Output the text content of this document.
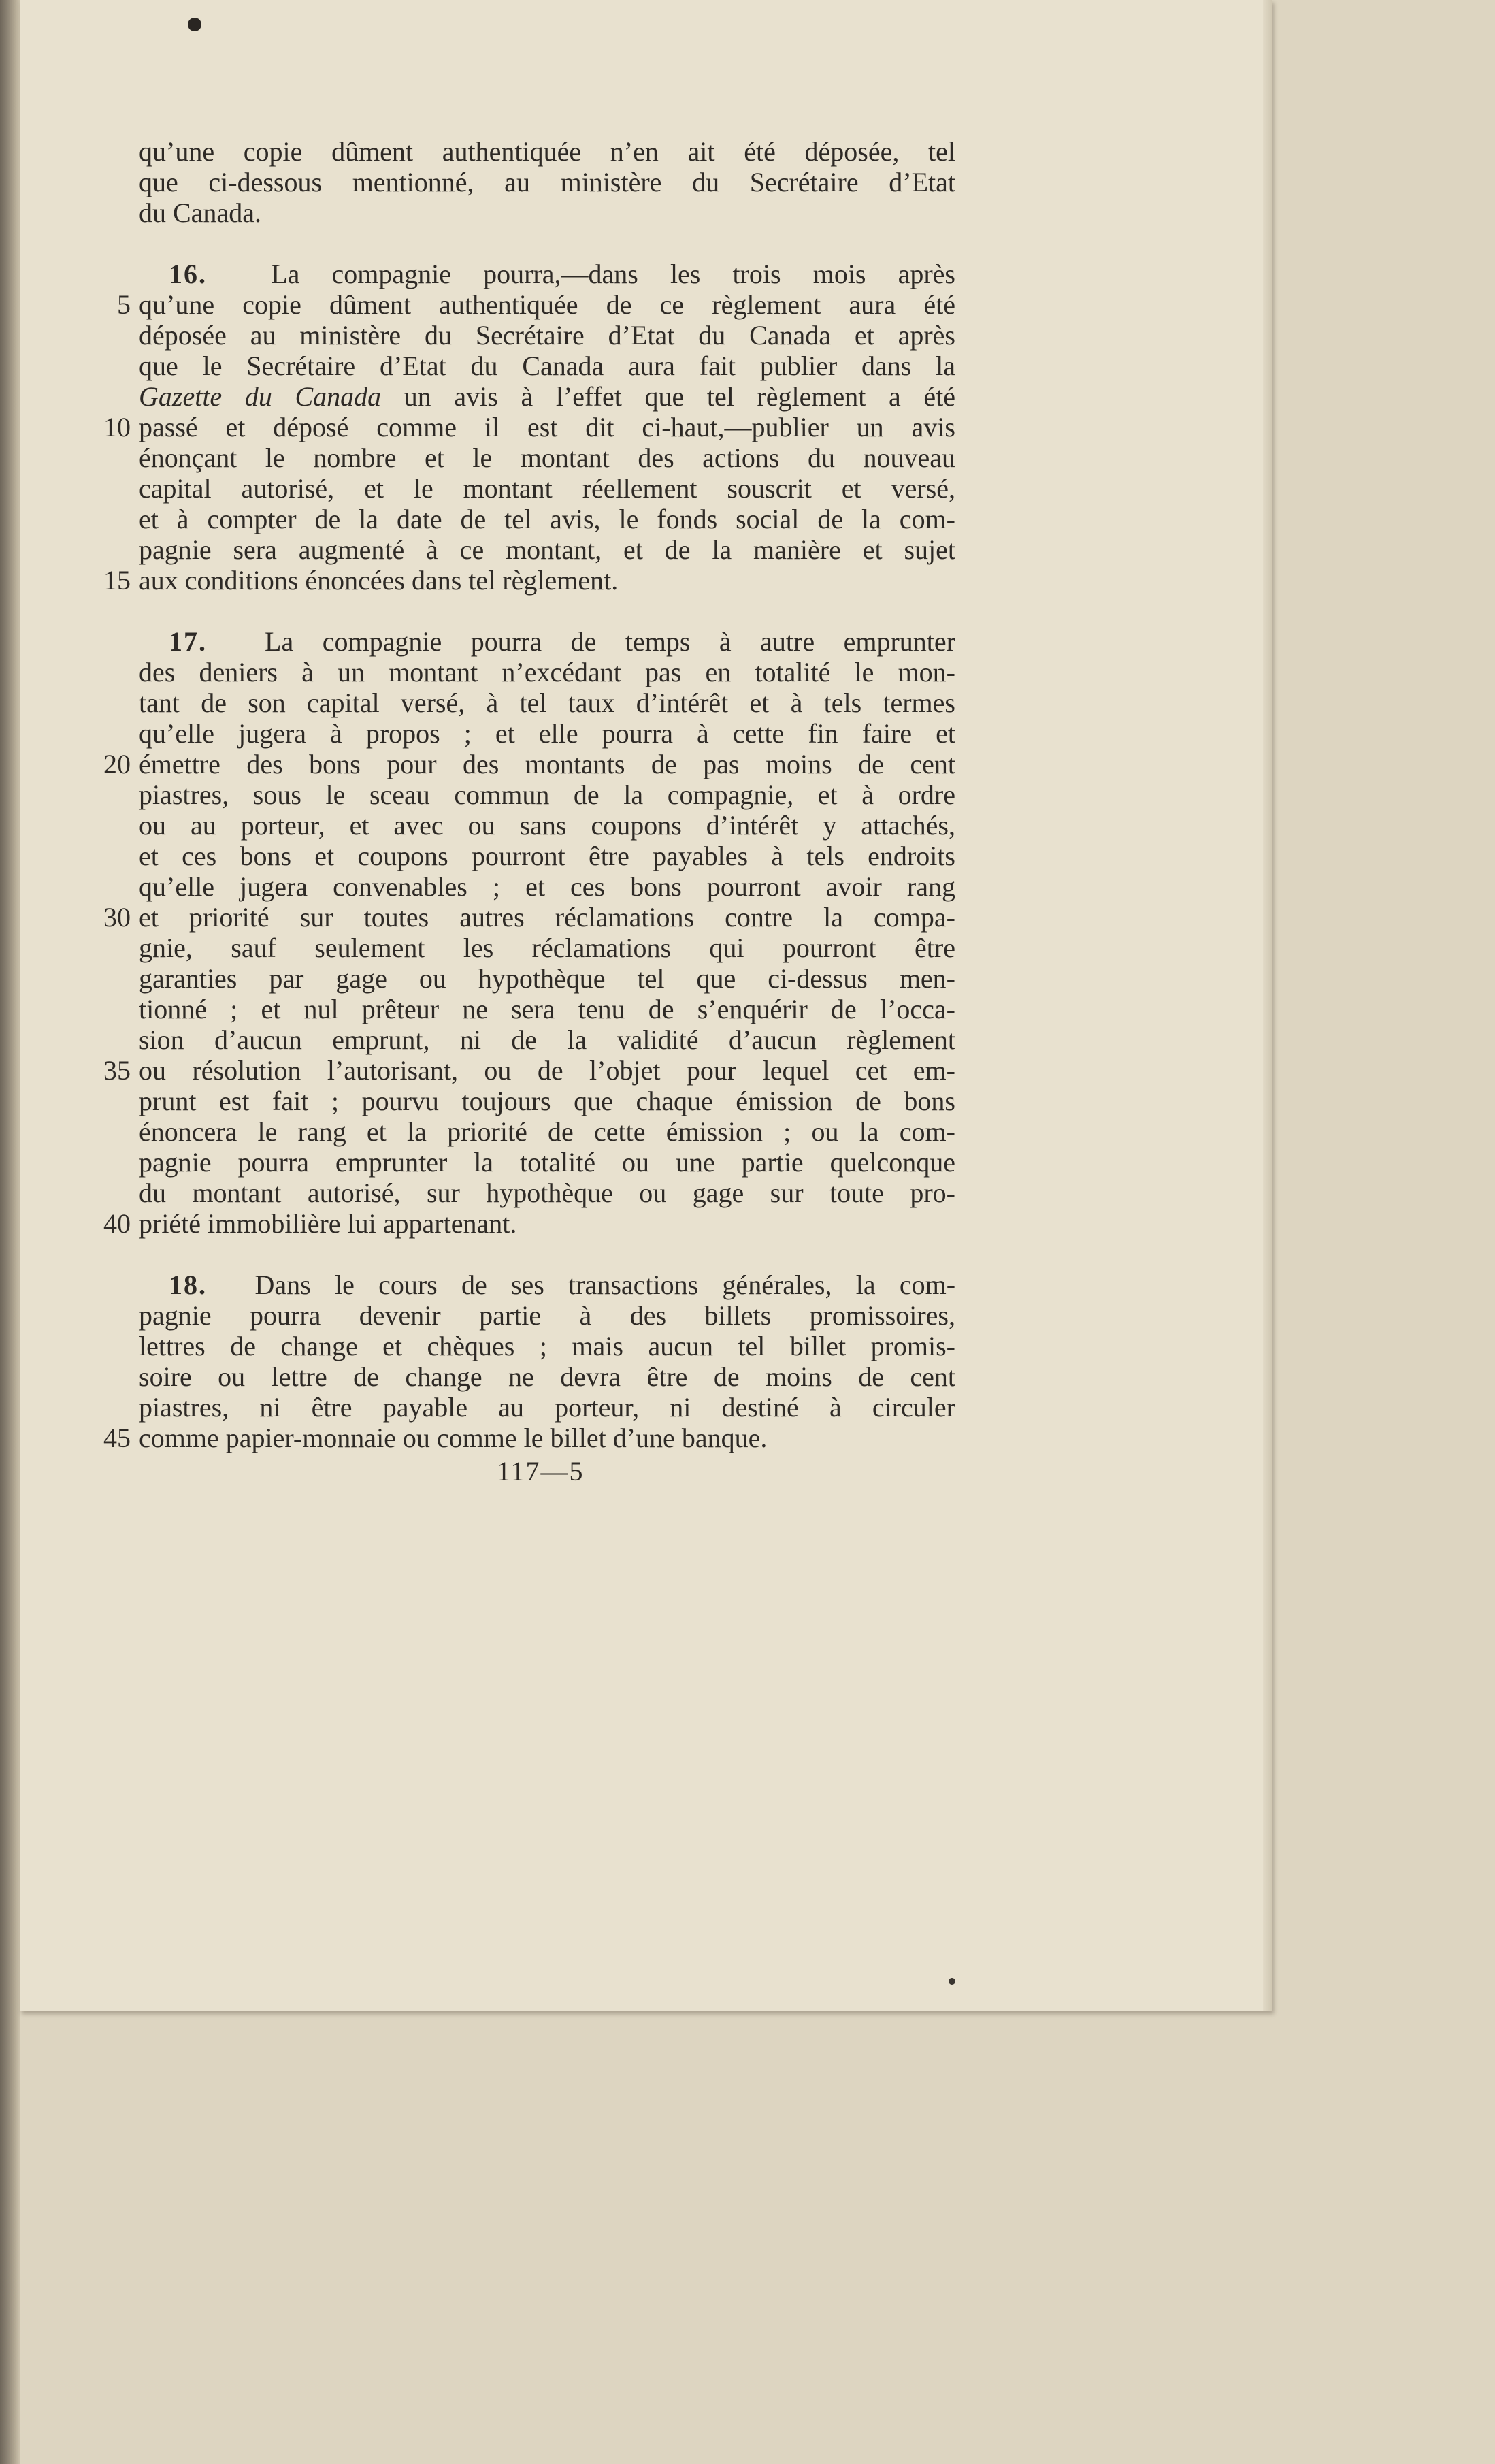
qu’une copie dûment authentiquée n’en ait été déposée, tel
que ci-dessous mentionné, au ministère du Secrétaire d’Etat
du Canada.
16. La compagnie pourra,—dans les trois mois après
5 qu’une copie dûment authentiquée de ce règlement aura été
déposée au ministère du Secrétaire d’Etat du Canada et après
que le Secrétaire d’Etat du Canada aura fait publier dans la
Gazette du Canada un avis à l’effet que tel règlement a été
10 passé et déposé comme il est dit ci-haut,—publier un avis
énonçant le nombre et le montant des actions du nouveau
capital autorisé, et le montant réellement souscrit et versé,
et à compter de la date de tel avis, le fonds social de la com-
pagnie sera augmenté à ce montant, et de la manière et sujet
15 aux conditions énoncées dans tel règlement.
17. La compagnie pourra de temps à autre emprunter
des deniers à un montant n’excédant pas en totalité le mon-
tant de son capital versé, à tel taux d’intérêt et à tels termes
qu’elle jugera à propos ; et elle pourra à cette fin faire et
20 émettre des bons pour des montants de pas moins de cent
piastres, sous le sceau commun de la compagnie, et à ordre
ou au porteur, et avec ou sans coupons d’intérêt y attachés,
et ces bons et coupons pourront être payables à tels endroits
qu’elle jugera convenables ; et ces bons pourront avoir rang
30 et priorité sur toutes autres réclamations contre la compa-
gnie, sauf seulement les réclamations qui pourront être
garanties par gage ou hypothèque tel que ci-dessus men-
tionné ; et nul prêteur ne sera tenu de s’enquérir de l’occa-
sion d’aucun emprunt, ni de la validité d’aucun règlement
35 ou résolution l’autorisant, ou de l’objet pour lequel cet em-
prunt est fait ; pourvu toujours que chaque émission de bons
énoncera le rang et la priorité de cette émission ; ou la com-
pagnie pourra emprunter la totalité ou une partie quelconque
du montant autorisé, sur hypothèque ou gage sur toute pro-
40 priété immobilière lui appartenant.
18. Dans le cours de ses transactions générales, la com-
pagnie pourra devenir partie à des billets promissoires,
lettres de change et chèques ; mais aucun tel billet promis-
soire ou lettre de change ne devra être de moins de cent
piastres, ni être payable au porteur, ni destiné à circuler
45 comme papier-monnaie ou comme le billet d’une banque.
117—5
